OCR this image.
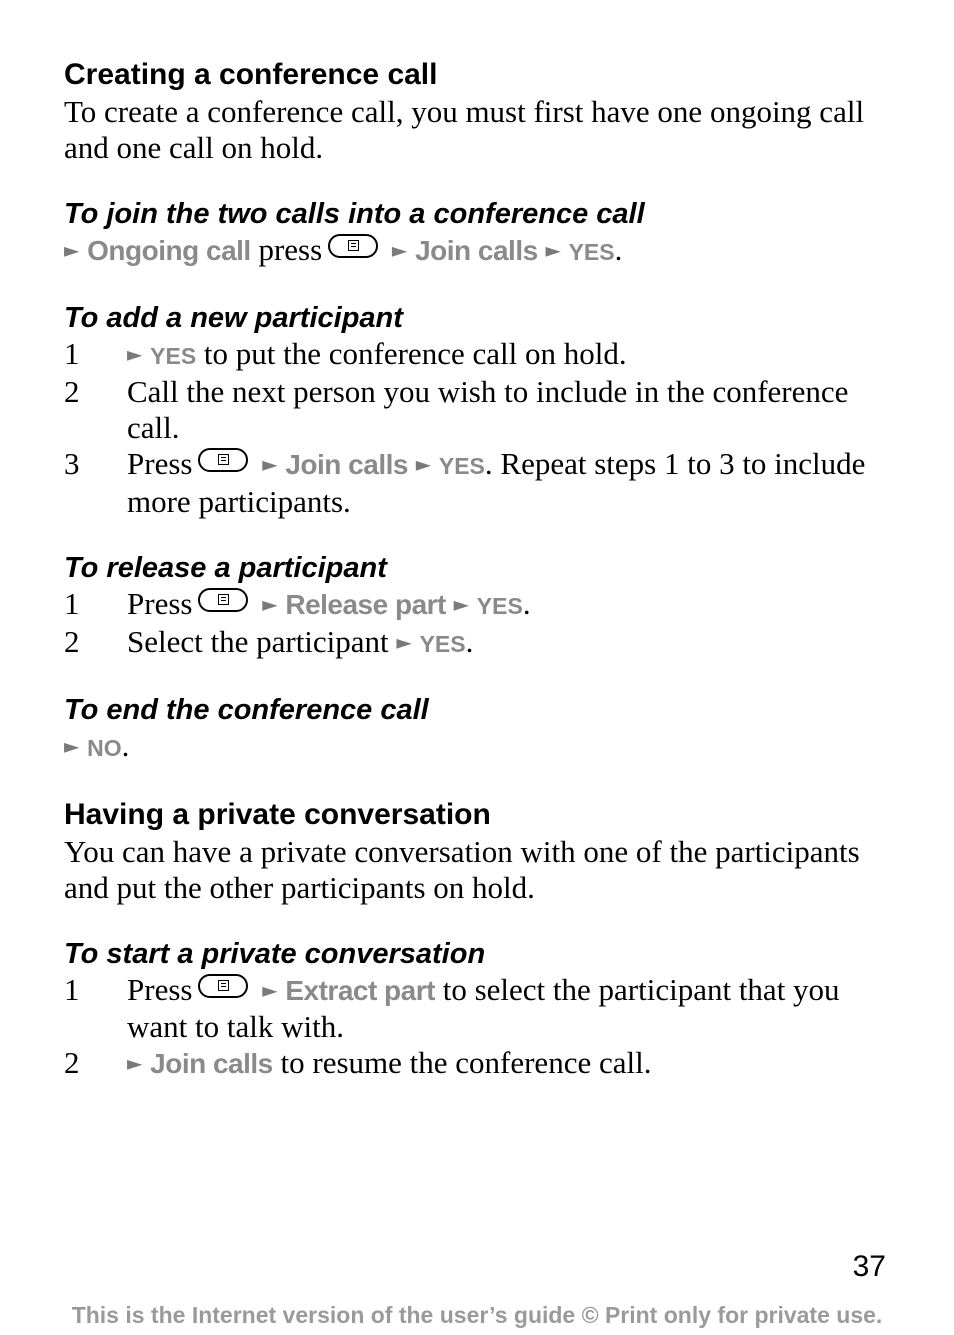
Creating a conference call

To create a conference call, you must first have one ongoing call and one call on hold.

To join the two calls into a conference call

► Ongoing call press	► Join calls ► YES.

To add a new participant
1	► YES to put the conference call on hold.
2	Call the next person you wish to include in the conference call.
3	Press	► Join calls ► YES. Repeat steps 1 to 3 to include more participants.
To release a participant
1	Press	► Release part ► YES.
2	Select the participant ► YES.
To end the conference call

► NO.

Having a private conversation

You can have a private conversation with one of the participants and put the other participants on hold.

To start a private conversation
1	Press	► Extract part to select the participant that you want to talk with.
2	► Join calls to resume the conference call.
37
This is the Internet version of the user’s guide © Print only for private use.
